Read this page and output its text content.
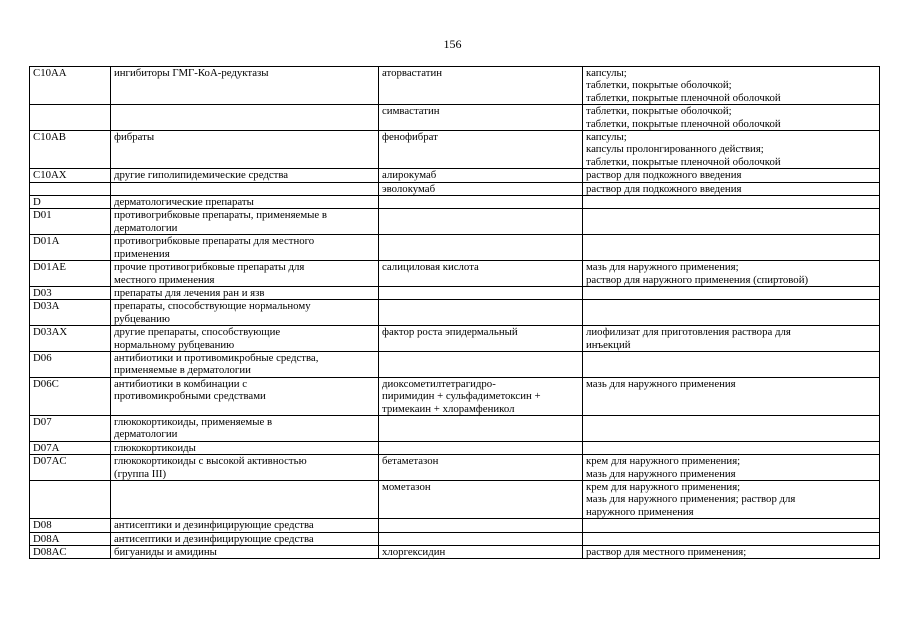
156
C10AA	ингибиторы ГМГ-КоА-редуктазы	аторвастатин	капсулы;
таблетки, покрытые оболочкой;
таблетки, покрытые пленочной оболочкой
		симвастатин	таблетки, покрытые оболочкой;
таблетки, покрытые пленочной оболочкой
C10AB	фибраты	фенофибрат	капсулы;
капсулы пролонгированного действия;
таблетки, покрытые пленочной оболочкой
C10AX	другие гиполипидемические средства	алирокумаб	раствор для подкожного введения
		эволокумаб	раствор для подкожного введения
D	дерматологические препараты		
D01	противогрибковые препараты, применяемые в
дерматологии		
D01A	противогрибковые препараты для местного
применения		
D01AE	прочие противогрибковые препараты для
местного применения	салициловая кислота	мазь для наружного применения;
раствор для наружного применения (спиртовой)
D03	препараты для лечения ран и язв		
D03A	препараты, способствующие нормальному
рубцеванию		
D03AX	другие препараты, способствующие
нормальному рубцеванию	фактор роста эпидермальный	лиофилизат для приготовления раствора для
инъекций
D06	антибиотики и противомикробные средства,
применяемые в дерматологии		
D06C	антибиотики в комбинации с
противомикробными средствами	диоксометилтетрагидро-
пиримидин + сульфадиметоксин +
тримекаин + хлорамфеникол	мазь для наружного применения
D07	глюкокортикоиды, применяемые в
дерматологии		
D07A	глюкокортикоиды		
D07AC	глюкокортикоиды с высокой активностью
(группа III)	бетаметазон	крем для наружного применения;
мазь для наружного применения
		мометазон	крем для наружного применения;
мазь для наружного применения; раствор для
наружного применения
D08	антисептики и дезинфицирующие средства		
D08A	антисептики и дезинфицирующие средства		
D08AC	бигуаниды и амидины	хлоргексидин	раствор для местного применения;
